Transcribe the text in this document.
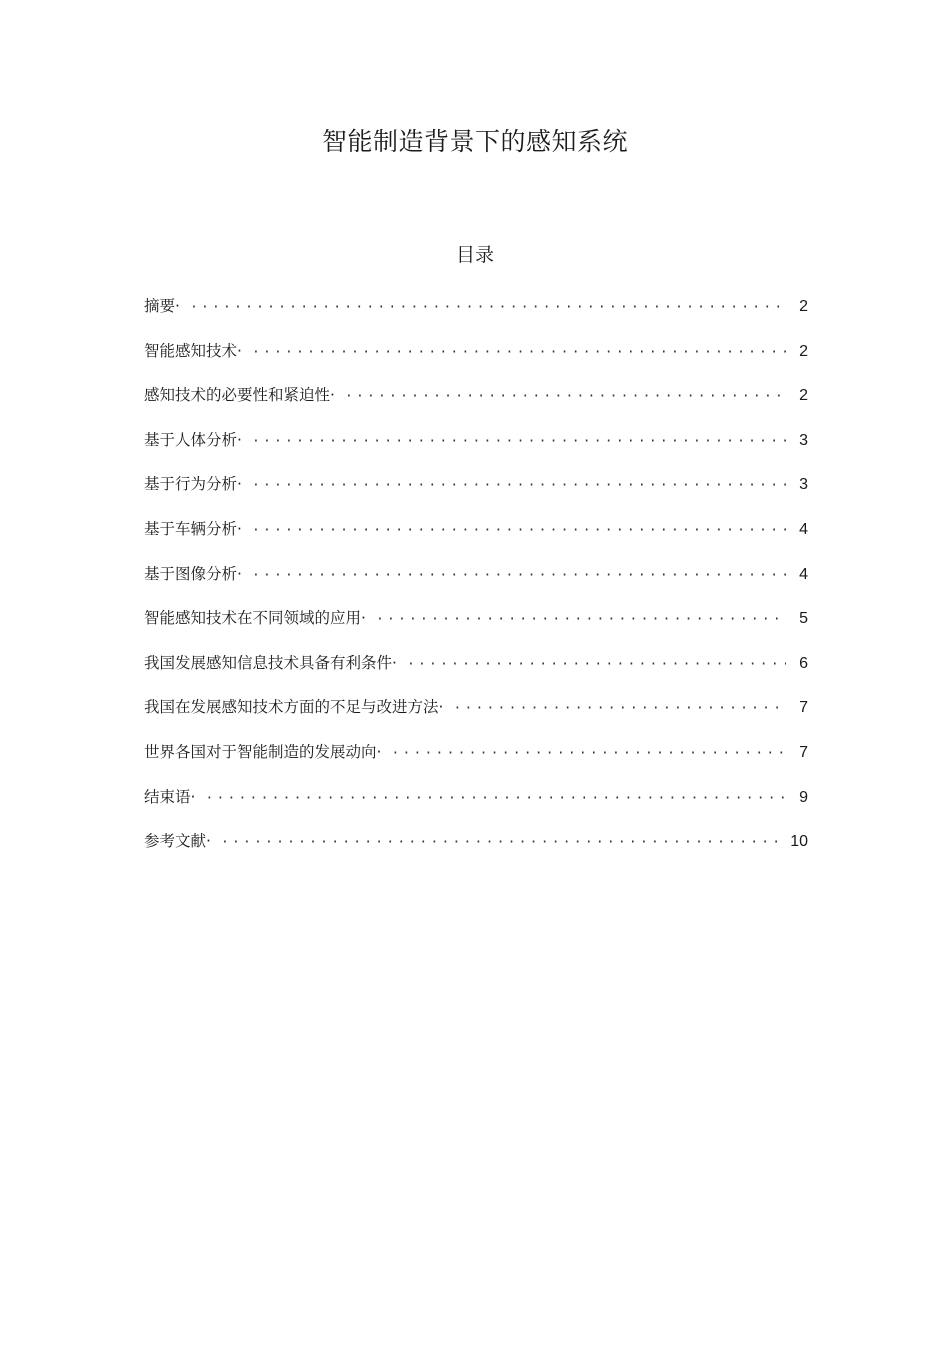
智能制造背景下的感知系统
目录
摘要· ·····	2
智能感知技术· ·····	2
感知技术的必要性和紧迫性· ·····	2
基于人体分析· ·····	3
基于行为分析· ·····	3
基于车辆分析· ·····	4
基于图像分析· ·····	4
智能感知技术在不同领域的应用· ·····	5
我国发展感知信息技术具备有利条件· ·····	6
我国在发展感知技术方面的不足与改进方法· ·····	7
世界各国对于智能制造的发展动向· ·····	7
结束语· ·····	9
参考文献· ·····	10
